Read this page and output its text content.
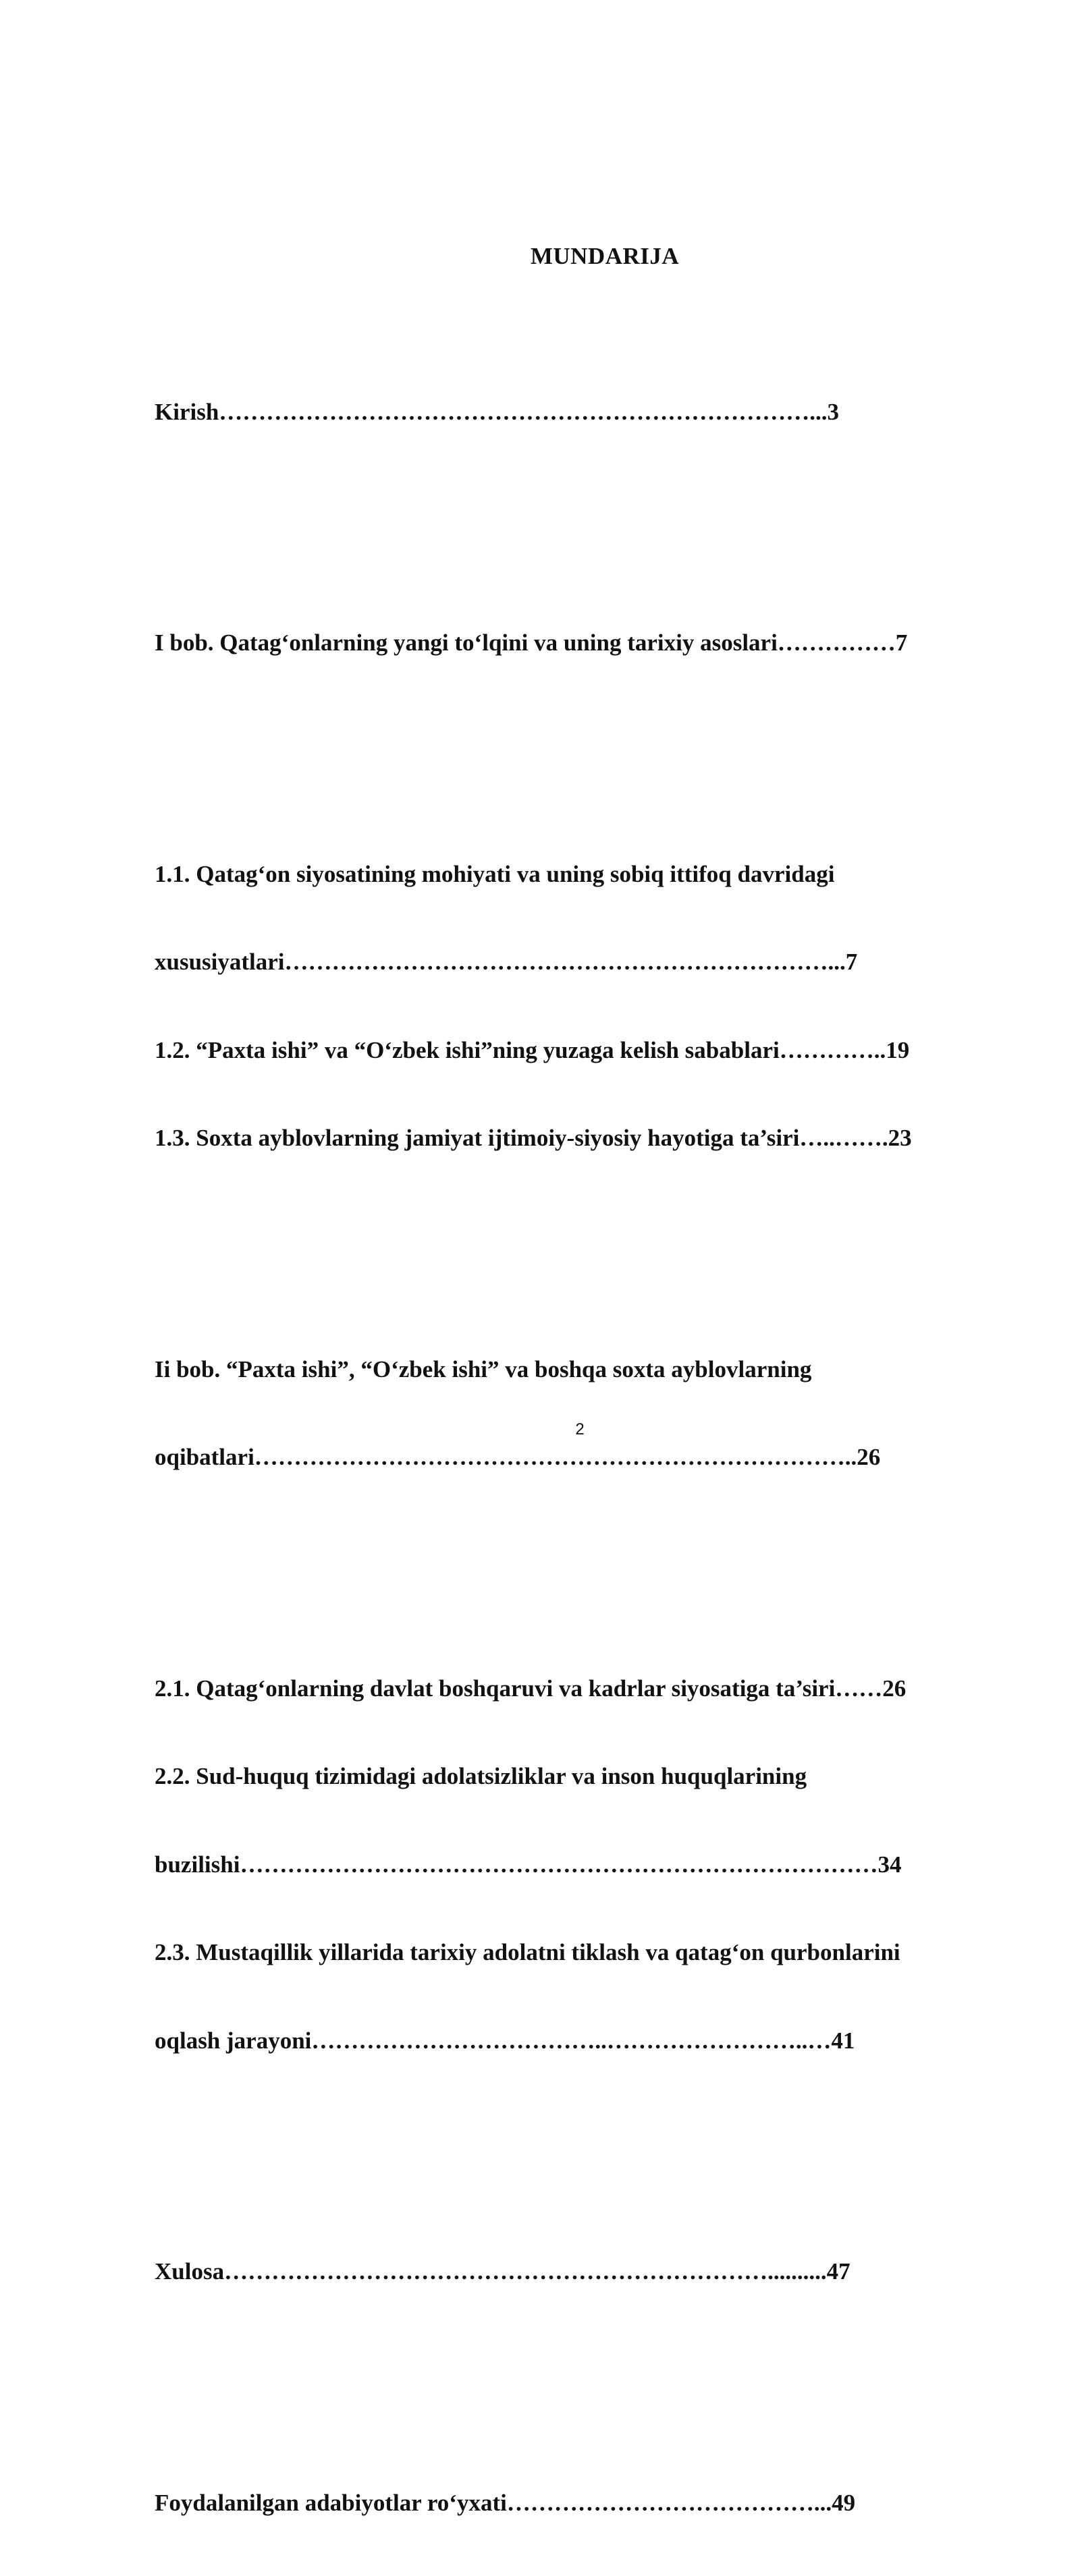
MUNDARIJA

Kirish…………………………………………………………………...3

I bob. Qatag‘onlarning yangi to‘lqini va uning tarixiy asoslari……………7

1.1. Qatag‘on siyosatining mohiyati va uning sobiq ittifoq davridagi

xususiyatlari……………………………………………………………...7

1.2. “Paxta ishi” va “O‘zbek ishi”ning yuzaga kelish sabablari…………..19

1.3. Soxta ayblovlarning jamiyat ijtimoiy-siyosiy hayotiga ta’siri…..…….23

Ii bob. “Paxta ishi”, “O‘zbek ishi” va boshqa soxta ayblovlarning

oqibatlari…………………………………………………………………..26

2.1. Qatag‘onlarning davlat boshqaruvi va kadrlar siyosatiga ta’siri……26

2.2. Sud-huquq tizimidagi adolatsizliklar va inson huquqlarining

buzilishi………………………………………………………………………34

2.3. Mustaqillik yillarida tarixiy adolatni tiklash va qatag‘on qurbonlarini

oqlash jarayoni………………………………..……………………..…41

Xulosa……………………………………………………………..........47

Foydalanilgan adabiyotlar ro‘yxati…………………………………...49

2
